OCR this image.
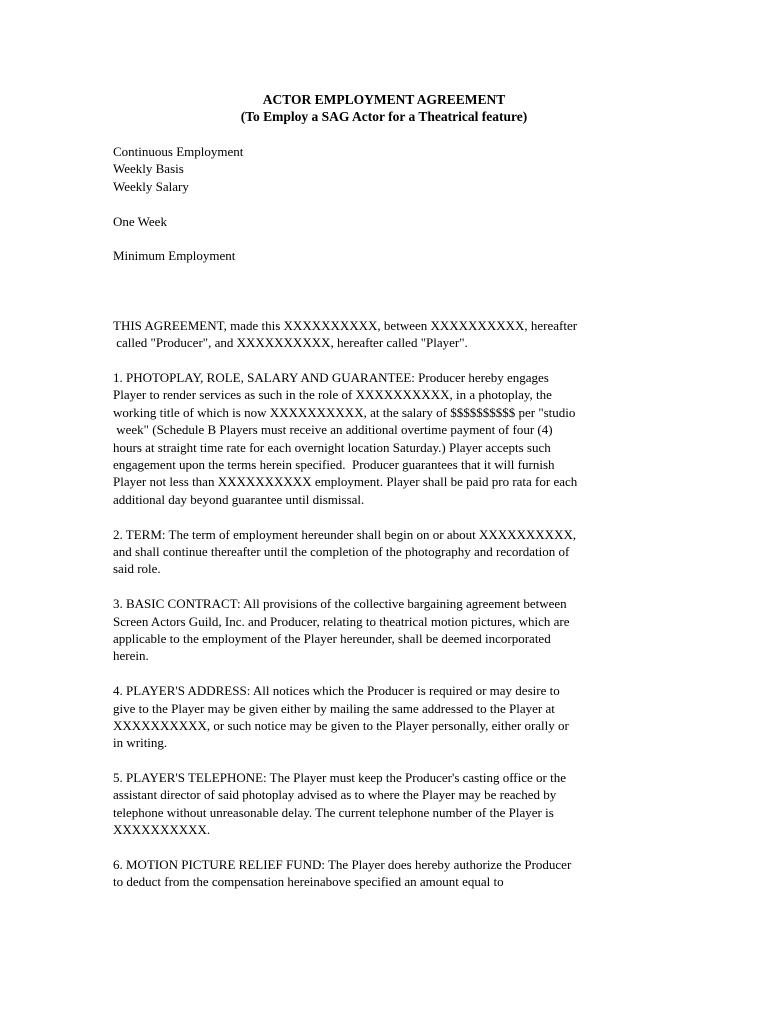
ACTOR EMPLOYMENT AGREEMENT
(To Employ a SAG Actor for a Theatrical feature)
Continuous Employment
Weekly Basis
Weekly Salary
One Week
Minimum Employment
THIS AGREEMENT, made this XXXXXXXXXX, between XXXXXXXXXX, hereafter
called "Producer", and XXXXXXXXXX, hereafter called "Player".
1. PHOTOPLAY, ROLE, SALARY AND GUARANTEE: Producer hereby engages
Player to render services as such in the role of XXXXXXXXXX, in a photoplay, the
working title of which is now XXXXXXXXXX, at the salary of $$$$$$$$$$ per "studio
week" (Schedule B Players must receive an additional overtime payment of four (4)
hours at straight time rate for each overnight location Saturday.) Player accepts such
engagement upon the terms herein specified.  Producer guarantees that it will furnish
Player not less than XXXXXXXXXX employment. Player shall be paid pro rata for each
additional day beyond guarantee until dismissal.
2. TERM: The term of employment hereunder shall begin on or about XXXXXXXXXX,
and shall continue thereafter until the completion of the photography and recordation of
said role.
3. BASIC CONTRACT: All provisions of the collective bargaining agreement between
Screen Actors Guild, Inc. and Producer, relating to theatrical motion pictures, which are
applicable to the employment of the Player hereunder, shall be deemed incorporated
herein.
4. PLAYER'S ADDRESS: All notices which the Producer is required or may desire to
give to the Player may be given either by mailing the same addressed to the Player at
XXXXXXXXXX, or such notice may be given to the Player personally, either orally or
in writing.
5. PLAYER'S TELEPHONE: The Player must keep the Producer's casting office or the
assistant director of said photoplay advised as to where the Player may be reached by
telephone without unreasonable delay. The current telephone number of the Player is
XXXXXXXXXX.
6. MOTION PICTURE RELIEF FUND: The Player does hereby authorize the Producer
to deduct from the compensation hereinabove specified an amount equal to
